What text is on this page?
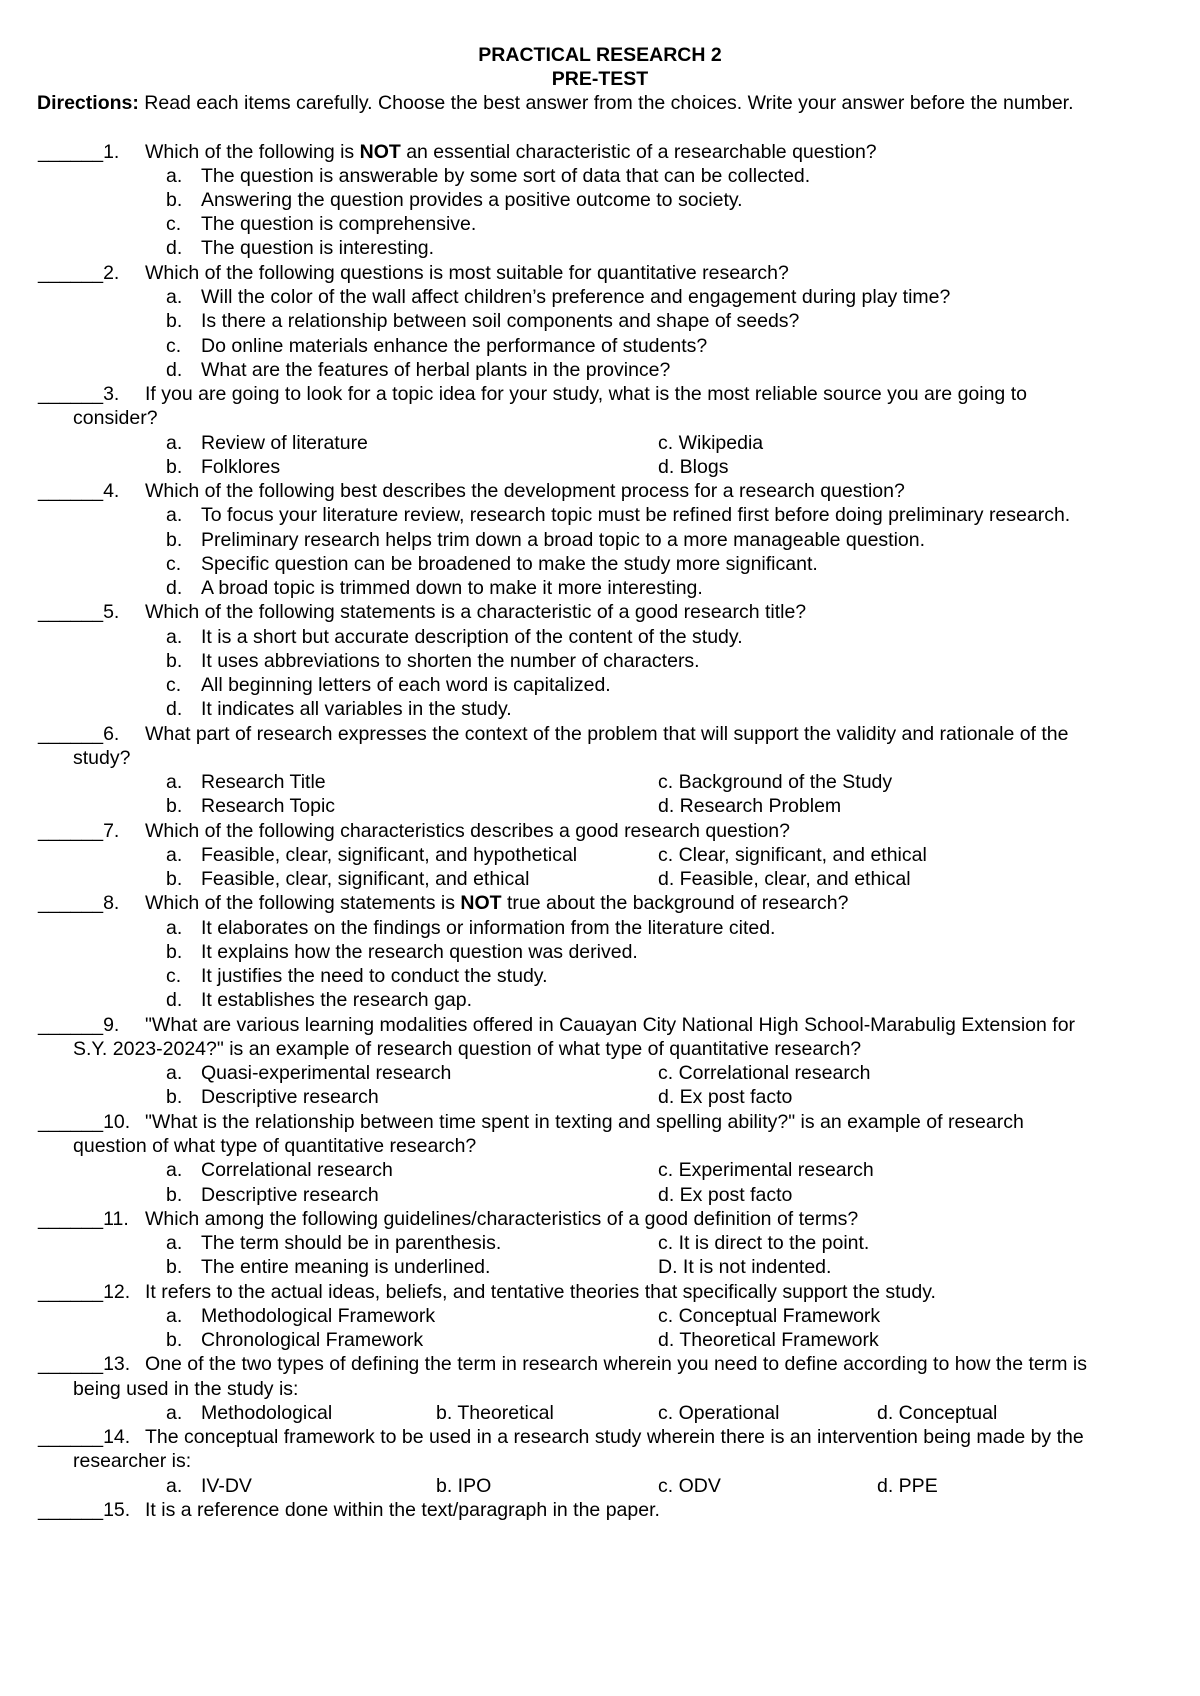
PRACTICAL RESEARCH 2
PRE-TEST
Directions: Read each items carefully. Choose the best answer from the choices. Write your answer before the number.
______1. Which of the following is NOT an essential characteristic of a researchable question?
a. The question is answerable by some sort of data that can be collected.
b. Answering the question provides a positive outcome to society.
c. The question is comprehensive.
d. The question is interesting.
______2. Which of the following questions is most suitable for quantitative research?
a. Will the color of the wall affect children’s preference and engagement during play time?
b. Is there a relationship between soil components and shape of seeds?
c. Do online materials enhance the performance of students?
d. What are the features of herbal plants in the province?
______3. If you are going to look for a topic idea for your study, what is the most reliable source you are going to
consider?
a. Review of literature	c. Wikipedia
b. Folklores	d. Blogs
______4. Which of the following best describes the development process for a research question?
a. To focus your literature review, research topic must be refined first before doing preliminary research.
b. Preliminary research helps trim down a broad topic to a more manageable question.
c. Specific question can be broadened to make the study more significant.
d. A broad topic is trimmed down to make it more interesting.
______5. Which of the following statements is a characteristic of a good research title?
a. It is a short but accurate description of the content of the study.
b. It uses abbreviations to shorten the number of characters.
c. All beginning letters of each word is capitalized.
d. It indicates all variables in the study.
______6. What part of research expresses the context of the problem that will support the validity and rationale of the
study?
a. Research Title	c. Background of the Study
b. Research Topic	d. Research Problem
______7. Which of the following characteristics describes a good research question?
a. Feasible, clear, significant, and hypothetical	c. Clear, significant, and ethical
b. Feasible, clear, significant, and ethical	d. Feasible, clear, and ethical
______8. Which of the following statements is NOT true about the background of research?
a. It elaborates on the findings or information from the literature cited.
b. It explains how the research question was derived.
c. It justifies the need to conduct the study.
d. It establishes the research gap.
______9. "What are various learning modalities offered in Cauayan City National High School-Marabulig Extension for
S.Y. 2023-2024?" is an example of research question of what type of quantitative research?
a. Quasi-experimental research	c. Correlational research
b. Descriptive research	d. Ex post facto
______10. "What is the relationship between time spent in texting and spelling ability?" is an example of research
question of what type of quantitative research?
a. Correlational research	c. Experimental research
b. Descriptive research	d. Ex post facto
______11. Which among the following guidelines/characteristics of a good definition of terms?
a. The term should be in parenthesis.	c. It is direct to the point.
b. The entire meaning is underlined.	D. It is not indented.
______12. It refers to the actual ideas, beliefs, and tentative theories that specifically support the study.
a. Methodological Framework	c. Conceptual Framework
b. Chronological Framework	d. Theoretical Framework
______13. One of the two types of defining the term in research wherein you need to define according to how the term is
being used in the study is:
a. Methodological	b. Theoretical	c. Operational	d. Conceptual
______14. The conceptual framework to be used in a research study wherein there is an intervention being made by the
researcher is:
a. IV-DV	b. IPO	c. ODV	d. PPE
______15. It is a reference done within the text/paragraph in the paper.
